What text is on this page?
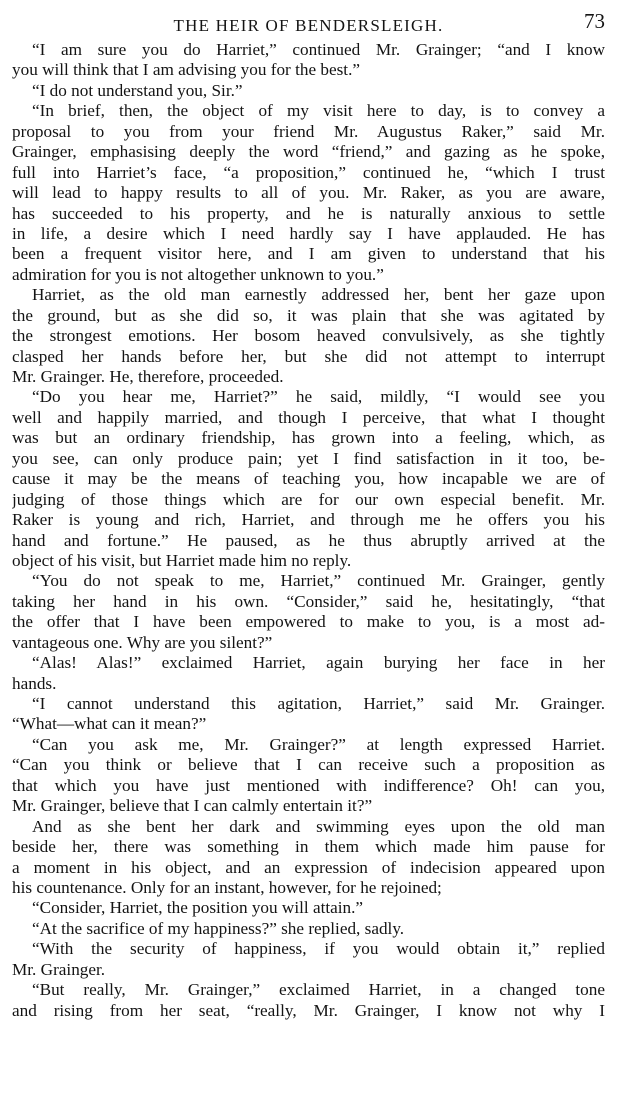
THE HEIR OF BENDERSLEIGH.	73
“I am sure you do Harriet,” continued Mr. Grainger; “and I know
you will think that I am advising you for the best.”
“I do not understand you, Sir.”
“In brief, then, the object of my visit here to day, is to convey a
proposal to you from your friend Mr. Augustus Raker,” said Mr.
Grainger, emphasising deeply the word “friend,” and gazing as he spoke,
full into Harriet’s face, “a proposition,” continued he, “which I trust
will lead to happy results to all of you. Mr. Raker, as you are aware,
has succeeded to his property, and he is naturally anxious to settle
in life, a desire which I need hardly say I have applauded. He has
been a frequent visitor here, and I am given to understand that his
admiration for you is not altogether unknown to you.”
Harriet, as the old man earnestly addressed her, bent her gaze upon
the ground, but as she did so, it was plain that she was agitated by
the strongest emotions. Her bosom heaved convulsively, as she tightly
clasped her hands before her, but she did not attempt to interrupt
Mr. Grainger. He, therefore, proceeded.
“Do you hear me, Harriet?” he said, mildly, “I would see you
well and happily married, and though I perceive, that what I thought
was but an ordinary friendship, has grown into a feeling, which, as
you see, can only produce pain; yet I find satisfaction in it too, be-
cause it may be the means of teaching you, how incapable we are of
judging of those things which are for our own especial benefit. Mr.
Raker is young and rich, Harriet, and through me he offers you his
hand and fortune.” He paused, as he thus abruptly arrived at the
object of his visit, but Harriet made him no reply.
“You do not speak to me, Harriet,” continued Mr. Grainger, gently
taking her hand in his own. “Consider,” said he, hesitatingly, “that
the offer that I have been empowered to make to you, is a most ad-
vantageous one. Why are you silent?”
“Alas! Alas!” exclaimed Harriet, again burying her face in her
hands.
“I cannot understand this agitation, Harriet,” said Mr. Grainger.
“What—what can it mean?”
“Can you ask me, Mr. Grainger?” at length expressed Harriet.
“Can you think or believe that I can receive such a proposition as
that which you have just mentioned with indifference? Oh! can you,
Mr. Grainger, believe that I can calmly entertain it?”
And as she bent her dark and swimming eyes upon the old man
beside her, there was something in them which made him pause for
a moment in his object, and an expression of indecision appeared upon
his countenance. Only for an instant, however, for he rejoined;
“Consider, Harriet, the position you will attain.”
“At the sacrifice of my happiness?” she replied, sadly.
“With the security of happiness, if you would obtain it,” replied
Mr. Grainger.
“But really, Mr. Grainger,” exclaimed Harriet, in a changed tone
and rising from her seat, “really, Mr. Grainger, I know not why I
